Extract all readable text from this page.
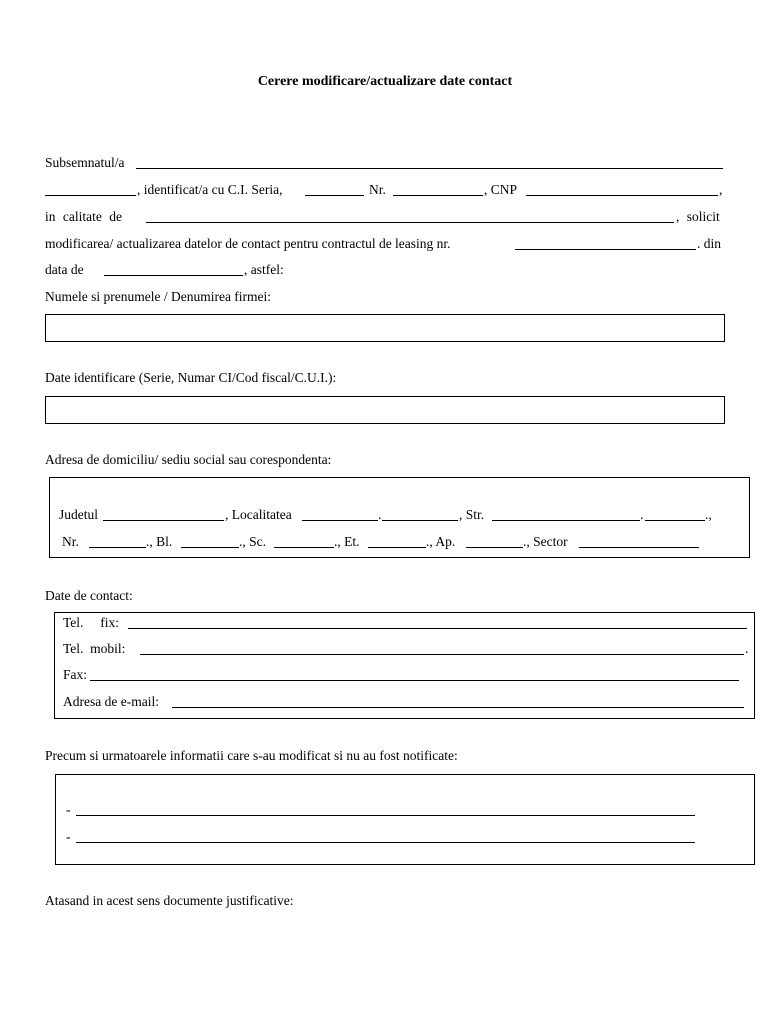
Cerere modificare/actualizare date contact
Subsemnatul/a
, identificat/a cu C.I. Seria,	Nr.	, CNP	,
in calitate de	, solicit
modificarea/ actualizarea datelor de contact pentru contractul de leasing nr.	. din
data de	, astfel:
Numele si prenumele / Denumirea firmei:
Date identificare (Serie, Numar CI/Cod fiscal/C.U.I.):
Adresa de domiciliu/ sediu social sau corespondenta:
Judetul	, Localitatea	.	, Str.	.	.,
Nr.	., Bl.	., Sc.	., Et.	., Ap.	., Sector
Date de contact:
Tel.     fix:
Tel.  mobil:	.
Fax:
Adresa de e-mail:
Precum si urmatoarele informatii care s-au modificat si nu au fost notificate:
-
-
Atasand in acest sens documente justificative:
